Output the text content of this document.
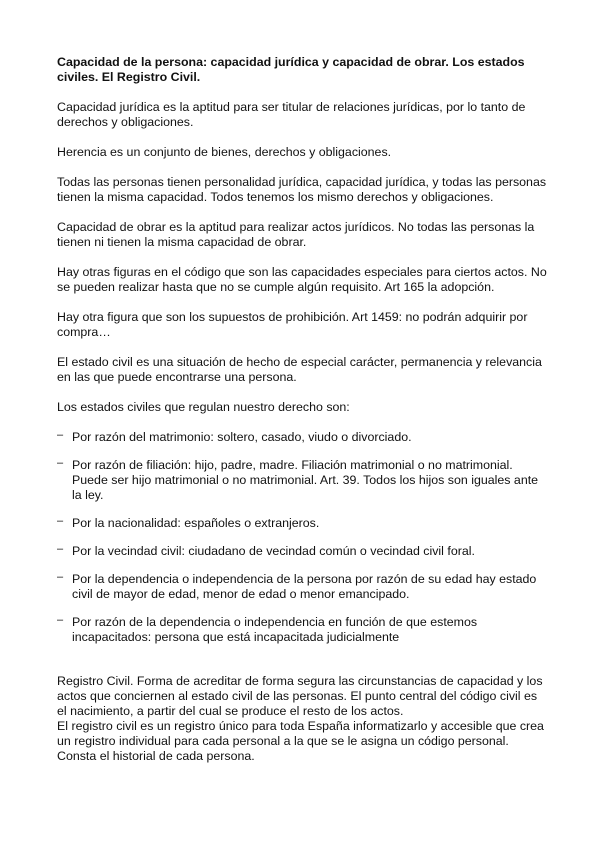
Capacidad de la persona: capacidad jurídica y capacidad de obrar. Los estados civiles. El Registro Civil.

Capacidad jurídica es la aptitud para ser titular de relaciones jurídicas, por lo tanto de derechos y obligaciones.

Herencia es un conjunto de bienes, derechos y obligaciones.

Todas las personas tienen personalidad jurídica, capacidad jurídica, y todas las personas tienen la misma capacidad. Todos tenemos los mismo derechos y obligaciones.

Capacidad de obrar es la aptitud para realizar actos jurídicos. No todas las personas la tienen ni tienen la misma capacidad de obrar.

Hay otras figuras en el código que son las capacidades especiales para ciertos actos. No se pueden realizar hasta que no se cumple algún requisito. Art 165 la adopción.

Hay otra figura que son los supuestos de prohibición. Art 1459: no podrán adquirir por compra…

El estado civil es una situación de hecho de especial carácter, permanencia y relevancia en las que puede encontrarse una persona.

Los estados civiles que regulan nuestro derecho son:

– Por razón del matrimonio: soltero, casado, viudo o divorciado.
– Por razón de filiación: hijo, padre, madre. Filiación matrimonial o no matrimonial. Puede ser hijo matrimonial o no matrimonial. Art. 39. Todos los hijos son iguales ante la ley.
– Por la nacionalidad: españoles o extranjeros.
– Por la vecindad civil: ciudadano de vecindad común o vecindad civil foral.
– Por la dependencia o independencia de la persona por razón de su edad hay estado civil de mayor de edad, menor de edad o menor emancipado.
– Por razón de la dependencia o independencia en función de que estemos incapacitados: persona que está incapacitada judicialmente

Registro Civil. Forma de acreditar de forma segura las circunstancias de capacidad y los actos que conciernen al estado civil de las personas. El punto central del código civil es el nacimiento, a partir del cual se produce el resto de los actos.
El registro civil es un registro único para toda España informatizarlo y accesible que crea un registro individual para cada personal a la que se le asigna un código personal. Consta el historial de cada persona.
